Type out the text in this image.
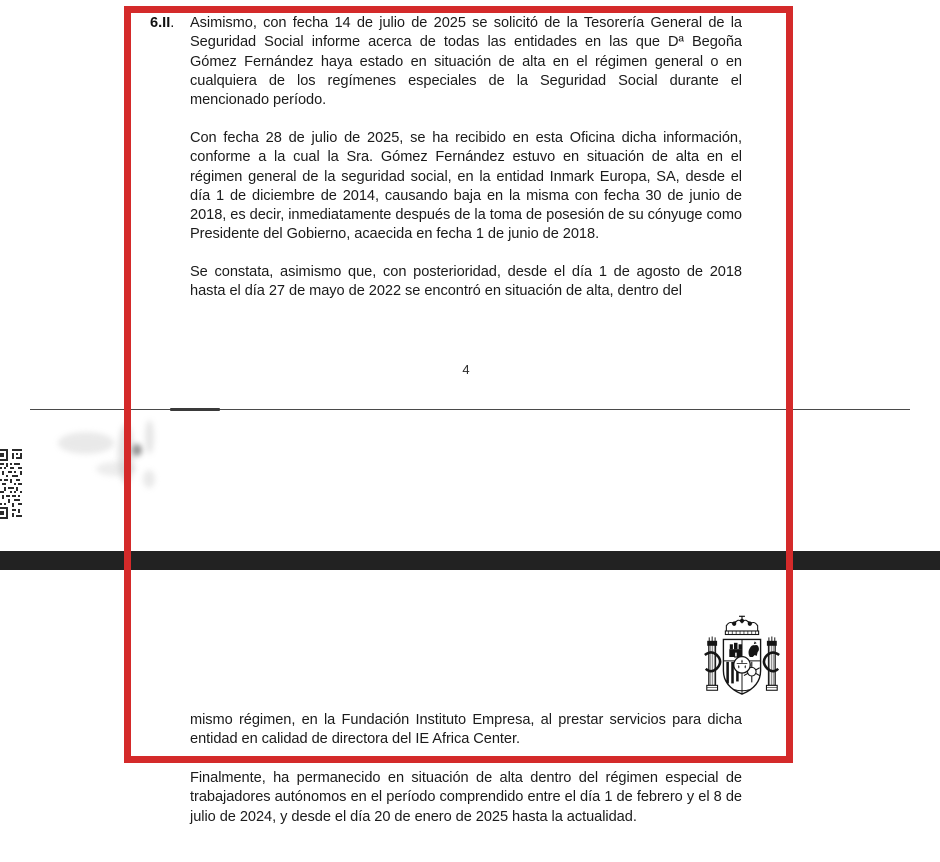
6.II. Asimismo, con fecha 14 de julio de 2025 se solicitó de la Tesorería General de la Seguridad Social informe acerca de todas las entidades en las que Dª Begoña Gómez Fernández haya estado en situación de alta en el régimen general o en cualquiera de los regímenes especiales de la Seguridad Social durante el mencionado período.
Con fecha 28 de julio de 2025, se ha recibido en esta Oficina dicha información, conforme a la cual la Sra. Gómez Fernández estuvo en situación de alta en el régimen general de la seguridad social, en la entidad Inmark Europa, SA, desde el día 1 de diciembre de 2014, causando baja en la misma con fecha 30 de junio de 2018, es decir, inmediatamente después de la toma de posesión de su cónyuge como Presidente del Gobierno, acaecida en fecha 1 de junio de 2018.
Se constata, asimismo que, con posterioridad, desde el día 1 de agosto de 2018 hasta el día 27 de mayo de 2022 se encontró en situación de alta, dentro del
4
mismo régimen, en la Fundación Instituto Empresa, al prestar servicios para dicha entidad en calidad de directora del IE Africa Center.
Finalmente, ha permanecido en situación de alta dentro del régimen especial de trabajadores autónomos en el período comprendido entre el día 1 de febrero y el 8 de julio de 2024, y desde el día 20 de enero de 2025 hasta la actualidad.
